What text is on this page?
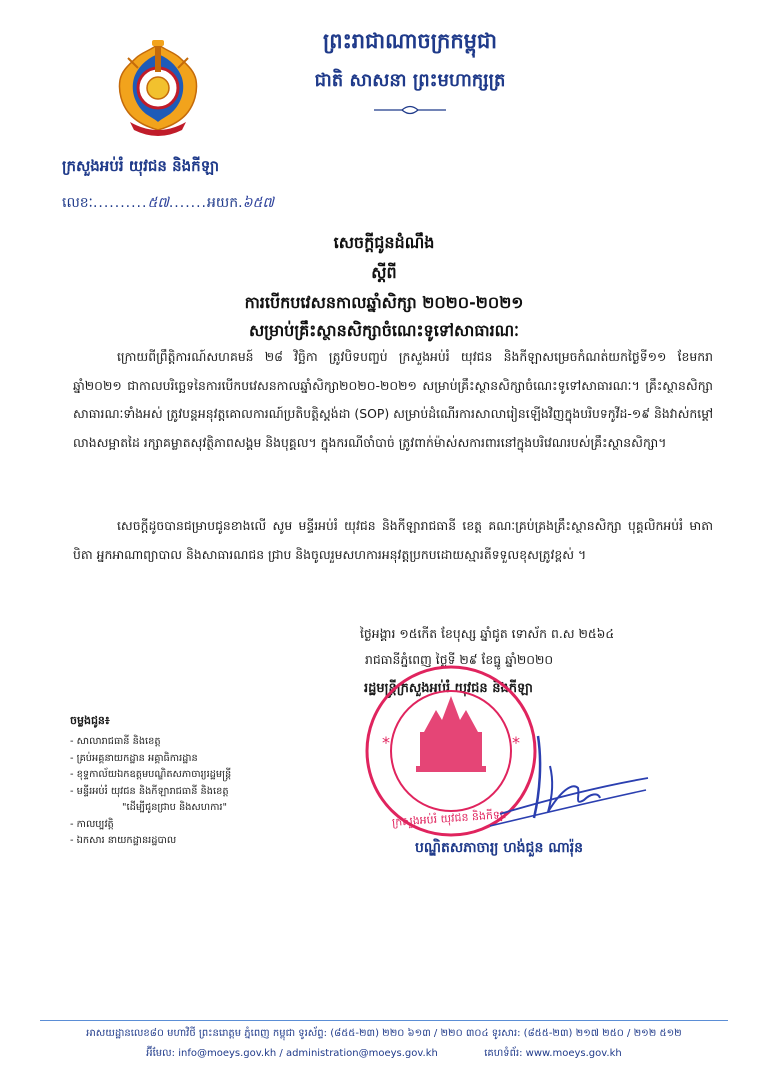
ព្រះរាជាណាចក្រកម្ពុជា
ជាតិ សាសនា ព្រះមហាក្សត្រ
ក្រសួងអប់រំ យុវជន និងកីឡា
លេខៈ..........៥៧.......អយក.៦៥៧
សេចក្ដីជូនដំណឹង
ស្ដីពី
ការបើកបវេសនកាលឆ្នាំសិក្សា ២០២០-២០២១
សម្រាប់គ្រឹះស្ថានសិក្សាចំណេះទូទៅសាធារណៈ
ក្រោយពីព្រឹត្តិការណ៍សហគមន៍ ២៨ វិច្ឆិកា ត្រូវបិទបញ្ចប់ ក្រសួងអប់រំ យុវជន និងកីឡាសម្រេចកំណត់យកថ្ងៃទី១១ ខែមករា ឆ្នាំ២០២១ ជាកាលបរិច្ឆេទនៃការបើកបវេសនកាលឆ្នាំសិក្សា២០២០-២០២១ សម្រាប់គ្រឹះស្ថានសិក្សាចំណេះទូទៅសាធារណៈ។ គ្រឹះស្ថានសិក្សាសាធារណៈទាំងអស់ ត្រូវបន្តអនុវត្តគោលការណ៍ប្រតិបត្តិស្តង់ដា (SOP) សម្រាប់ដំណើរការសាលារៀនឡើងវិញក្នុងបរិបទកូវីដ-១៩ និងវាស់កម្ដៅ លាងសម្អាតដៃ រក្សាគម្លាតសុវត្ថិភាពសង្គម និងបុគ្គល។ ក្នុងករណីចាំបាច់ ត្រូវពាក់ម៉ាស់សការពារនៅក្នុងបរិវេណរបស់គ្រឹះស្ថានសិក្សា។
សេចក្ដីដូចបានជម្រាបជូនខាងលើ សូម មន្ទីរអប់រំ យុវជន និងកីឡារាជធានី ខេត្ត គណៈគ្រប់គ្រងគ្រឹះស្ថានសិក្សា បុគ្គលិកអប់រំ មាតាបិតា អ្នកអាណាព្យាបាល និងសាធារណជន ជ្រាប និងចូលរួមសហការអនុវត្តប្រកបដោយស្មារតីទទួលខុសត្រូវខ្ពស់ ។
ថ្ងៃអង្គារ ១៥កើត ខែបុស្ស ឆ្នាំជូត ទោស័ក ព.ស ២៥៦៤
រាជធានីភ្នំពេញ ថ្ងៃទី ២៩ ខែធ្នូ ឆ្នាំ២០២០
រដ្ឋមន្ត្រីក្រសួងអប់រំ យុវជន និងកីឡា
*	*
ក្រសួងអប់រំ យុវជន និងកីឡា
បណ្ឌិតសភាចារ្យ ហង់ជួន ណារ៉ុន
ចម្លងជូន៖
- សាលារាជធានី និងខេត្ត
- គ្រប់អគ្គនាយកដ្ឋាន អគ្គាធិការដ្ឋាន
- ខុទ្ទកាល័យឯកឧត្តមបណ្ឌិតសភាចារ្យរដ្ឋមន្ត្រី
- មន្ទីរអប់រំ យុវជន និងកីឡារាជធានី និងខេត្ត
"ដើម្បីជូនជ្រាប និងសហការ"
- កាលប្បវត្តិ
- ឯកសារ នាយកដ្ឋានរដ្ឋបាល
អាសយដ្ឋានលេខ៨០ មហាវិថី ព្រះនរោត្តម ភ្នំពេញ កម្ពុជា ទូរស័ព្ទ: (៨៥៥-២៣) ២២០ ៦១៣ / ២២០ ៣០៤ ទូរសារ: (៨៥៥-២៣) ២១៧ ២៥០ / ២១២ ៥១២
អ៊ីមែល: info@moeys.gov.kh / administration@moeys.gov.kh	គេហទំព័រ: www.moeys.gov.kh
